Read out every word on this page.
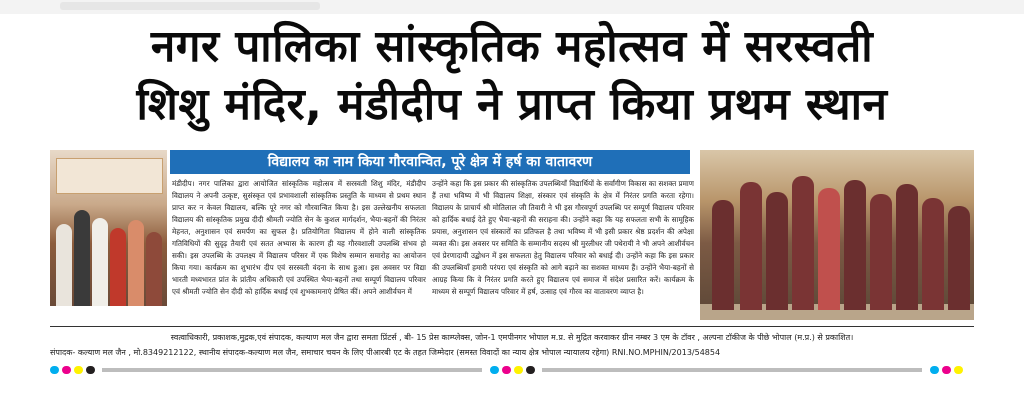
नगर पालिका सांस्कृतिक महोत्सव में सरस्वती
शिशु मंदिर, मंडीदीप ने प्राप्त किया प्रथम स्थान
विद्यालय का नाम किया गौरवान्वित, पूरे क्षेत्र में हर्ष का वातावरण
मंडीदीप। नगर पालिका द्वारा आयोजित सांस्कृतिक महोत्सव में सरस्वती शिशु मंदिर, मंडीदीप विद्यालय ने अपनी उत्कृष्ट, सुसंस्कृत एवं प्रभावशाली सांस्कृतिक प्रस्तुति के माध्यम से प्रथम स्थान प्राप्त कर न केवल विद्यालय, बल्कि पूरे नगर को गौरवान्वित किया है। इस उल्लेखनीय सफलता विद्यालय की सांस्कृतिक प्रमुख दीदी श्रीमती ज्योति सेन के कुशल मार्गदर्शन, भैया-बहनों की निरंतर मेहनत, अनुशासन एवं समर्पण का सुफल है। प्रतियोगिता विद्यालय में होने वाली सांस्कृतिक गतिविधियों की सुदृढ़ तैयारी एवं सतत अभ्यास के कारण ही यह गौरवशाली उपलब्धि संभव हो सकी। इस उपलब्धि के उपलक्ष्य में विद्यालय परिसर में एक विशेष सम्मान समारोह का आयोजन किया गया। कार्यक्रम का शुभारंभ दीप एवं सरस्वती वंदना के साथ हुआ। इस अवसर पर विद्या भारती मध्यभारत प्रांत के प्रांतीय अधिकारी एवं उपस्थित भैया-बहनों तथा सम्पूर्ण विद्यालय परिवार एवं श्रीमती ज्योति सेन दीदी को हार्दिक बधाई एवं शुभकामनाएं प्रेषित कीं। अपने आशीर्वचन में
उन्होंने कहा कि इस प्रकार की सांस्कृतिक उपलब्धियाँ विद्यार्थियों के सर्वांगीण विकास का सशक्त प्रमाण हैं तथा भविष्य में भी विद्यालय शिक्षा, संस्कार एवं संस्कृति के क्षेत्र में निरंतर प्रगति करता रहेगा। विद्यालय के प्राचार्य श्री मोतिलाल जी तिवारी ने भी इस गौरवपूर्ण उपलब्धि पर सम्पूर्ण विद्यालय परिवार को हार्दिक बधाई देते हुए भैया-बहनों की सराहना की। उन्होंने कहा कि यह सफलता सभी के सामूहिक प्रयास, अनुशासन एवं संस्कारों का प्रतिफल है तथा भविष्य में भी इसी प्रकार श्रेष्ठ प्रदर्शन की अपेक्षा व्यक्त की। इस अवसर पर समिति के सम्मानीय सदस्य श्री मुरलीधर जी पथेरायी ने भी अपने आशीर्वचन एवं प्रेरणादायी उद्बोधन में इस सफलता हेतु विद्यालय परिवार को बधाई दी। उन्होंने कहा कि इस प्रकार की उपलब्धियाँ हमारी परंपरा एवं संस्कृति को आगे बढ़ाने का सशक्त माध्यम हैं। उन्होंने भैया-बहनों से आग्रह किया कि वे निरंतर प्रगति करते हुए विद्यालय एवं समाज में संदेश प्रसारित करें। कार्यक्रम के माध्यम से सम्पूर्ण विद्यालय परिवार में हर्ष, उत्साह एवं गौरव का वातावरण व्याप्त है।
स्वत्वाधिकारी, प्रकाशक,मुद्रक,एवं संपादक, कल्याण मल जैन द्वारा समता प्रिंटर्स , बी- 15 प्रेस काम्प्लेक्स, जोन-1 एमपीनगर भोपाल म.प्र. से मुद्रित करवाकर ग्रीन नम्बर 3 एम के टॉवर , अल्पना टॉकीज के पीछे भोपाल (म.प्र.) से प्रकाशित।
संपादक- कल्याण मल जैन , मो.8349212122, स्थानीय संपादक-कल्याण मल जैन, समाचार चयन के लिए पीआरबी एट के तहत जिम्मेदार (समस्त विवादों का न्याय क्षेत्र भोपाल न्यायालय रहेगा) RNI.NO.MPHIN/2013/54854
